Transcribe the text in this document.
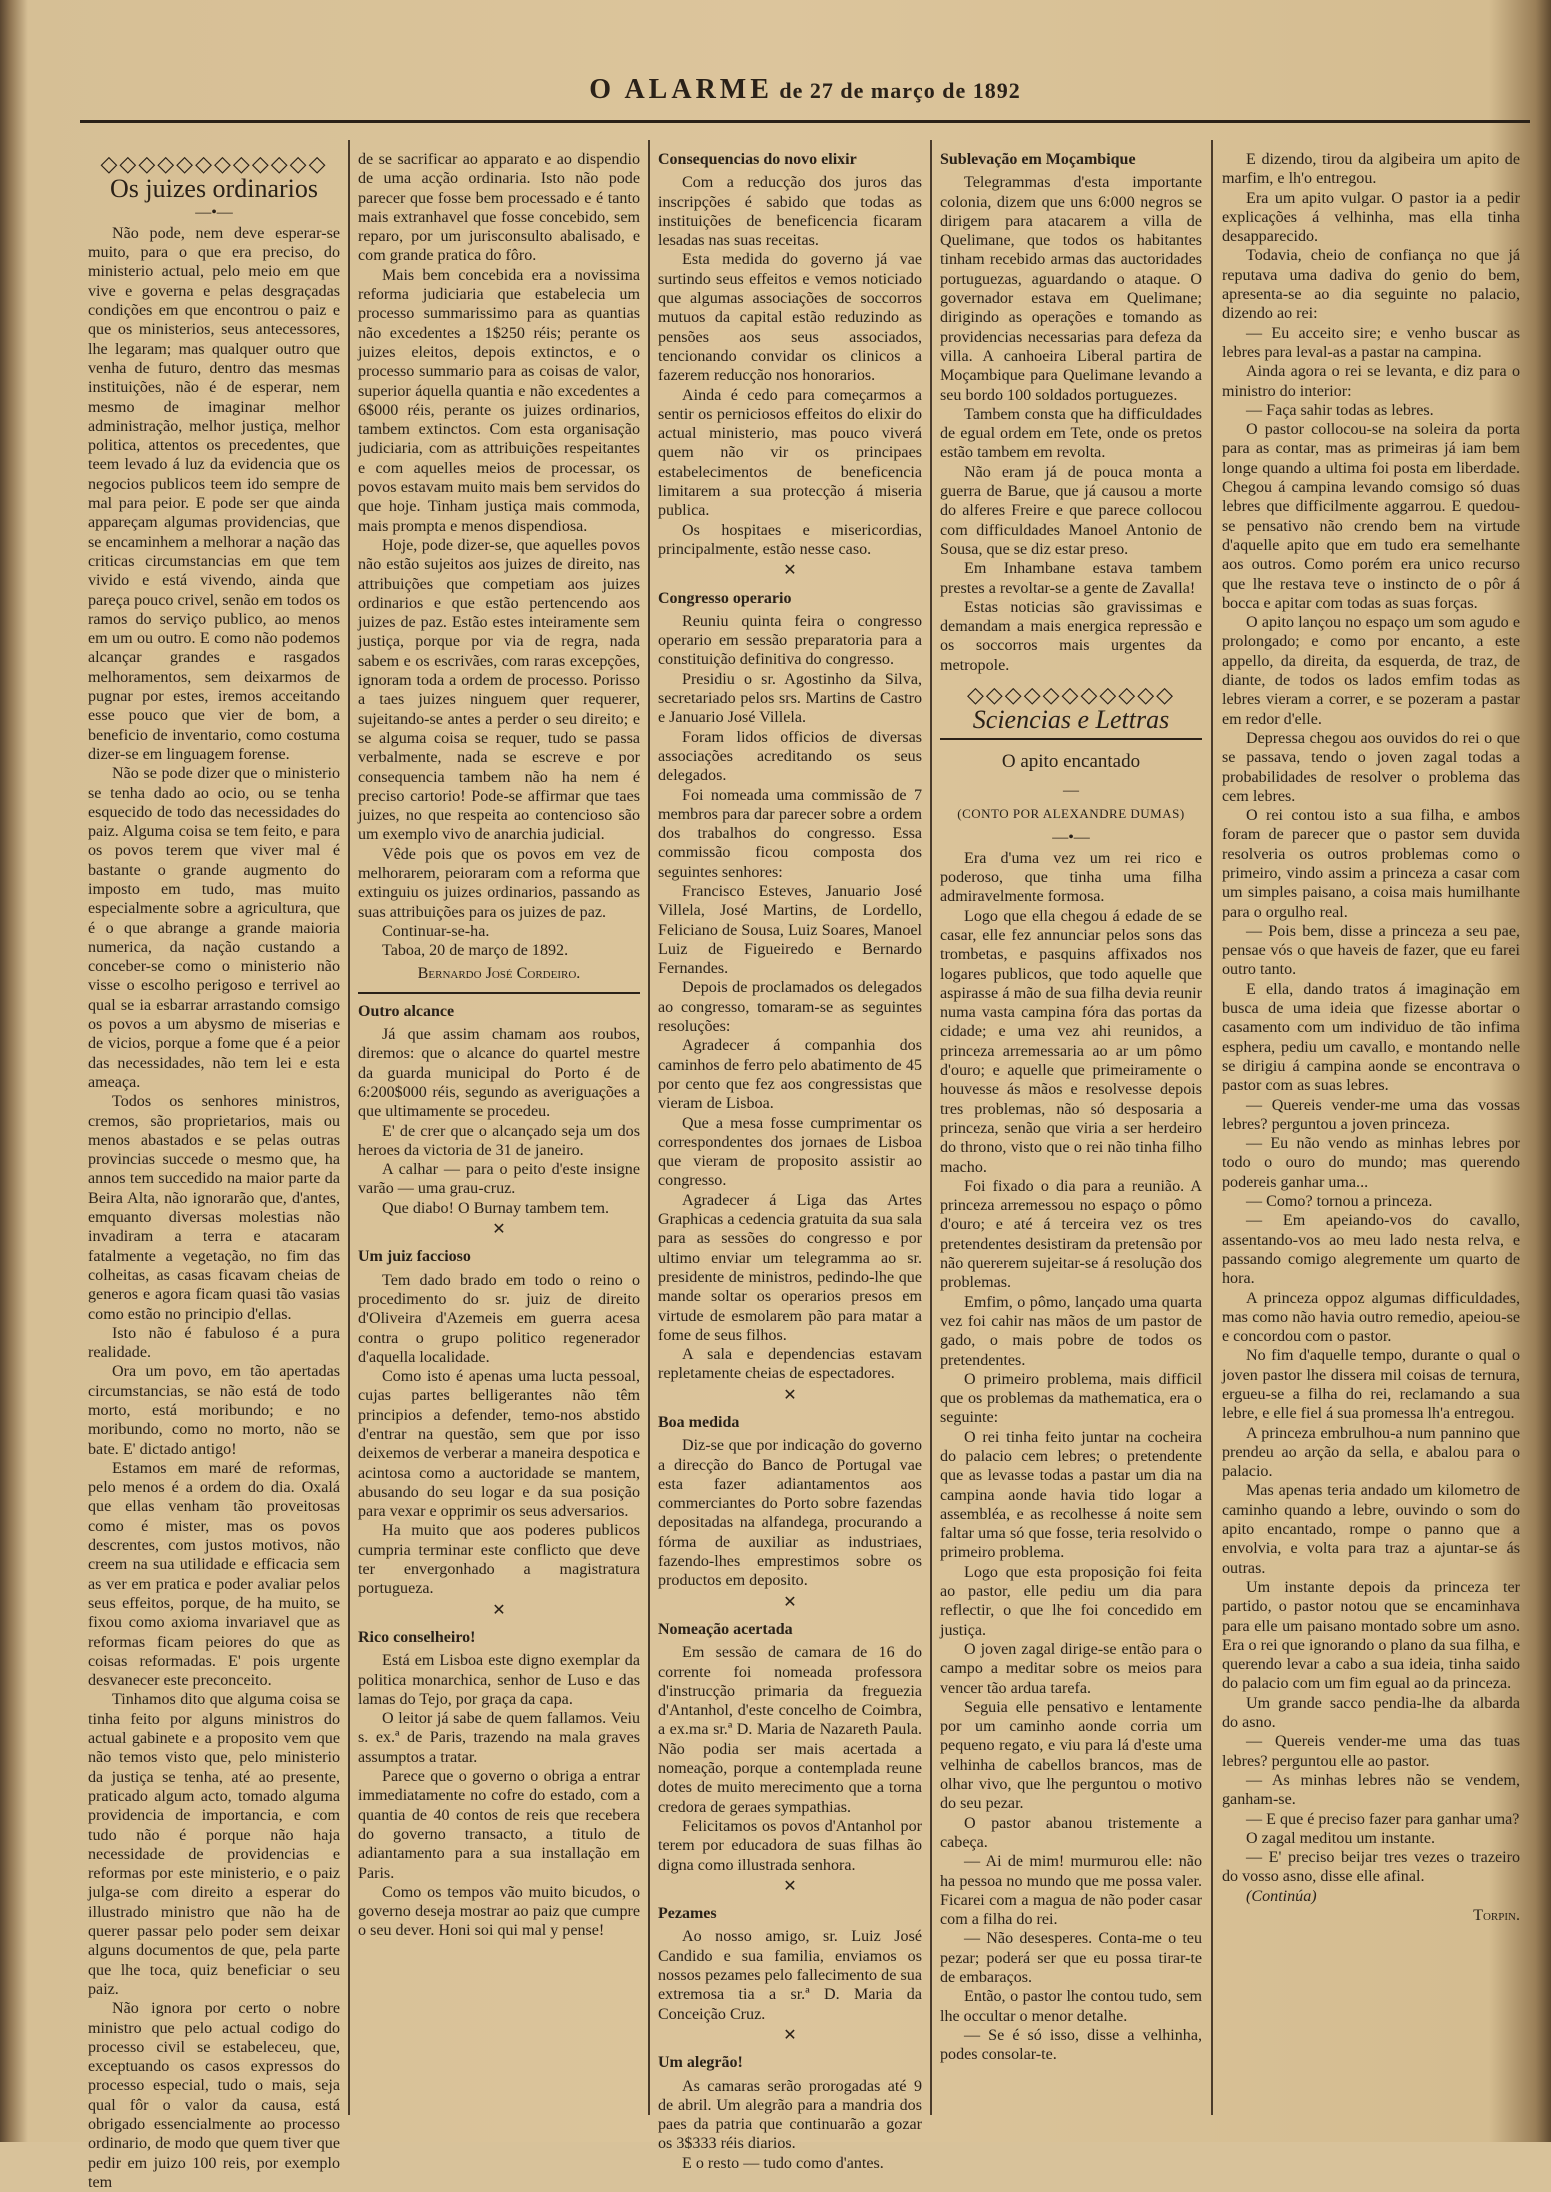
O ALARME de 27 de março de 1892
◇◇◇◇◇◇◇◇◇◇◇◇
Os juizes ordinarios
—•—

Não pode, nem deve esperar-se muito, para o que era preciso, do ministerio actual, pelo meio em que vive e governa e pelas desgraçadas condições em que encontrou o paiz e que os ministerios, seus antecessores, lhe legaram; mas qualquer outro que venha de futuro, dentro das mesmas instituições, não é de esperar, nem mesmo de imaginar melhor administração, melhor justiça, melhor politica, attentos os precedentes, que teem levado á luz da evidencia que os negocios publicos teem ido sempre de mal para peior. E pode ser que ainda appareçam algumas providencias, que se encaminhem a melhorar a nação das criticas circumstancias em que tem vivido e está vivendo, ainda que pareça pouco crivel, senão em todos os ramos do serviço publico, ao menos em um ou outro. E como não podemos alcançar grandes e rasgados melhoramentos, sem deixarmos de pugnar por estes, iremos acceitando esse pouco que vier de bom, a beneficio de inventario, como costuma dizer-se em linguagem forense.

Não se pode dizer que o ministerio se tenha dado ao ocio, ou se tenha esquecido de todo das necessidades do paiz. Alguma coisa se tem feito, e para os povos terem que viver mal é bastante o grande augmento do imposto em tudo, mas muito especialmente sobre a agricultura, que é o que abrange a grande maioria numerica, da nação custando a conceber-se como o ministerio não visse o escolho perigoso e terrivel ao qual se ia esbarrar arrastando comsigo os povos a um abysmo de miserias e de vicios, porque a fome que é a peior das necessidades, não tem lei e esta ameaça.

Todos os senhores ministros, cremos, são proprietarios, mais ou menos abastados e se pelas outras provincias succede o mesmo que, ha annos tem succedido na maior parte da Beira Alta, não ignorarão que, d'antes, emquanto diversas molestias não invadiram a terra e atacaram fatalmente a vegetação, no fim das colheitas, as casas ficavam cheias de generos e agora ficam quasi tão vasias como estão no principio d'ellas.

Isto não é fabuloso é a pura realidade.

Ora um povo, em tão apertadas circumstancias, se não está de todo morto, está moribundo; e no moribundo, como no morto, não se bate. E' dictado antigo!

Estamos em maré de reformas, pelo menos é a ordem do dia. Oxalá que ellas venham tão proveitosas como é mister, mas os povos descrentes, com justos motivos, não creem na sua utilidade e efficacia sem as ver em pratica e poder avaliar pelos seus effeitos, porque, de ha muito, se fixou como axioma invariavel que as reformas ficam peiores do que as coisas reformadas. E' pois urgente desvanecer este preconceito.

Tinhamos dito que alguma coisa se tinha feito por alguns ministros do actual gabinete e a proposito vem que não temos visto que, pelo ministerio da justiça se tenha, até ao presente, praticado algum acto, tomado alguma providencia de importancia, e com tudo não é porque não haja necessidade de providencias e reformas por este ministerio, e o paiz julga-se com direito a esperar do illustrado ministro que não ha de querer passar pelo poder sem deixar alguns documentos de que, pela parte que lhe toca, quiz beneficiar o seu paiz.

Não ignora por certo o nobre ministro que pelo actual codigo do processo civil se estabeleceu, que, exceptuando os casos expressos do processo especial, tudo o mais, seja qual fôr o valor da causa, está obrigado essencialmente ao processo ordinario, de modo que quem tiver que pedir em juizo 100 reis, por exemplo tem

de se sacrificar ao apparato e ao dispendio de uma acção ordinaria. Isto não pode parecer que fosse bem processado e é tanto mais extranhavel que fosse concebido, sem reparo, por um jurisconsulto abalisado, e com grande pratica do fôro.

Mais bem concebida era a novissima reforma judiciaria que estabelecia um processo summarissimo para as quantias não excedentes a 1$250 réis; perante os juizes eleitos, depois extinctos, e o processo summario para as coisas de valor, superior áquella quantia e não excedentes a 6$000 réis, perante os juizes ordinarios, tambem extinctos. Com esta organisação judiciaria, com as attribuições respeitantes e com aquelles meios de processar, os povos estavam muito mais bem servidos do que hoje. Tinham justiça mais commoda, mais prompta e menos dispendiosa.

Hoje, pode dizer-se, que aquelles povos não estão sujeitos aos juizes de direito, nas attribuições que competiam aos juizes ordinarios e que estão pertencendo aos juizes de paz. Estão estes inteiramente sem justiça, porque por via de regra, nada sabem e os escrivães, com raras excepções, ignoram toda a ordem de processo. Porisso a taes juizes ninguem quer requerer, sujeitando-se antes a perder o seu direito; e se alguma coisa se requer, tudo se passa verbalmente, nada se escreve e por consequencia tambem não ha nem é preciso cartorio! Pode-se affirmar que taes juizes, no que respeita ao contencioso são um exemplo vivo de anarchia judicial.

Vêde pois que os povos em vez de melhorarem, peioraram com a reforma que extinguiu os juizes ordinarios, passando as suas attribuições para os juizes de paz.

Continuar-se-ha.

Taboa, 20 de março de 1892.

Bernardo José Cordeiro.
Outro alcance

Já que assim chamam aos roubos, diremos: que o alcance do quartel mestre da guarda municipal do Porto é de 6:200$000 réis, segundo as averiguações a que ultimamente se procedeu.

E' de crer que o alcançado seja um dos heroes da victoria de 31 de janeiro.

A calhar — para o peito d'este insigne varão — uma grau-cruz.

Que diabo! O Burnay tambem tem.

✕
Um juiz faccioso

Tem dado brado em todo o reino o procedimento do sr. juiz de direito d'Oliveira d'Azemeis em guerra acesa contra o grupo politico regenerador d'aquella localidade.

Como isto é apenas uma lucta pessoal, cujas partes belligerantes não têm principios a defender, temo-nos abstido d'entrar na questão, sem que por isso deixemos de verberar a maneira despotica e acintosa como a auctoridade se mantem, abusando do seu logar e da sua posição para vexar e opprimir os seus adversarios.

Ha muito que aos poderes publicos cumpria terminar este conflicto que deve ter envergonhado a magistratura portugueza.

✕
Rico conselheiro!

Está em Lisboa este digno exemplar da politica monarchica, senhor de Luso e das lamas do Tejo, por graça da capa.

O leitor já sabe de quem fallamos. Veiu s. ex.ª de Paris, trazendo na mala graves assumptos a tratar.

Parece que o governo o obriga a entrar immediatamente no cofre do estado, com a quantia de 40 contos de reis que recebera do governo transacto, a titulo de adiantamento para a sua installação em Paris.

Como os tempos vão muito bicudos, o governo deseja mostrar ao paiz que cumpre o seu dever. Honi soi qui mal y pense!

Consequencias do novo elixir

Com a reducção dos juros das inscripções é sabido que todas as instituições de beneficencia ficaram lesadas nas suas receitas.

Esta medida do governo já vae surtindo seus effeitos e vemos noticiado que algumas associações de soccorros mutuos da capital estão reduzindo as pensões aos seus associados, tencionando convidar os clinicos a fazerem reducção nos honorarios.

Ainda é cedo para começarmos a sentir os perniciosos effeitos do elixir do actual ministerio, mas pouco viverá quem não vir os principaes estabelecimentos de beneficencia limitarem a sua protecção á miseria publica.

Os hospitaes e misericordias, principalmente, estão nesse caso.

✕
Congresso operario

Reuniu quinta feira o congresso operario em sessão preparatoria para a constituição definitiva do congresso.

Presidiu o sr. Agostinho da Silva, secretariado pelos srs. Martins de Castro e Januario José Villela.

Foram lidos officios de diversas associações acreditando os seus delegados.

Foi nomeada uma commissão de 7 membros para dar parecer sobre a ordem dos trabalhos do congresso. Essa commissão ficou composta dos seguintes senhores:

Francisco Esteves, Januario José Villela, José Martins, de Lordello, Feliciano de Sousa, Luiz Soares, Manoel Luiz de Figueiredo e Bernardo Fernandes.

Depois de proclamados os delegados ao congresso, tomaram-se as seguintes resoluções:

Agradecer á companhia dos caminhos de ferro pelo abatimento de 45 por cento que fez aos congressistas que vieram de Lisboa.

Que a mesa fosse cumprimentar os correspondentes dos jornaes de Lisboa que vieram de proposito assistir ao congresso.

Agradecer á Liga das Artes Graphicas a cedencia gratuita da sua sala para as sessões do congresso e por ultimo enviar um telegramma ao sr. presidente de ministros, pedindo-lhe que mande soltar os operarios presos em virtude de esmolarem pão para matar a fome de seus filhos.

A sala e dependencias estavam repletamente cheias de espectadores.

✕
Boa medida

Diz-se que por indicação do governo a direcção do Banco de Portugal vae esta fazer adiantamentos aos commerciantes do Porto sobre fazendas depositadas na alfandega, procurando a fórma de auxiliar as industriaes, fazendo-lhes emprestimos sobre os productos em deposito.

✕
Nomeação acertada

Em sessão de camara de 16 do corrente foi nomeada professora d'instrucção primaria da freguezia d'Antanhol, d'este concelho de Coimbra, a ex.ma sr.ª D. Maria de Nazareth Paula. Não podia ser mais acertada a nomeação, porque a contemplada reune dotes de muito merecimento que a torna credora de geraes sympathias.

Felicitamos os povos d'Antanhol por terem por educadora de suas filhas ão digna como illustrada senhora.

✕
Pezames

Ao nosso amigo, sr. Luiz José Candido e sua familia, enviamos os nossos pezames pelo fallecimento de sua extremosa tia a sr.ª D. Maria da Conceição Cruz.

✕
Um alegrão!

As camaras serão prorogadas até 9 de abril. Um alegrão para a mandria dos paes da patria que continuarão a gozar os 3$333 réis diarios.

E o resto — tudo como d'antes.

Sublevação em Moçambique

Telegrammas d'esta importante colonia, dizem que uns 6:000 negros se dirigem para atacarem a villa de Quelimane, que todos os habitantes tinham recebido armas das auctoridades portuguezas, aguardando o ataque. O governador estava em Quelimane; dirigindo as operações e tomando as providencias necessarias para defeza da villa. A canhoeira Liberal partira de Moçambique para Quelimane levando a seu bordo 100 soldados portuguezes.

Tambem consta que ha difficuldades de egual ordem em Tete, onde os pretos estão tambem em revolta.

Não eram já de pouca monta a guerra de Barue, que já causou a morte do alferes Freire e que parece collocou com difficuldades Manoel Antonio de Sousa, que se diz estar preso.

Em Inhambane estava tambem prestes a revoltar-se a gente de Zavalla!

Estas noticias são gravissimas e demandam a mais energica repressão e os soccorros mais urgentes da metropole.

◇◇◇◇◇◇◇◇◇◇◇
Sciencias e Lettras
O apito encantado
—
(CONTO POR ALEXANDRE DUMAS)
—•—

Era d'uma vez um rei rico e poderoso, que tinha uma filha admiravelmente formosa.

Logo que ella chegou á edade de se casar, elle fez annunciar pelos sons das trombetas, e pasquins affixados nos logares publicos, que todo aquelle que aspirasse á mão de sua filha devia reunir numa vasta campina fóra das portas da cidade; e uma vez ahi reunidos, a princeza arremessaria ao ar um pômo d'ouro; e aquelle que primeiramente o houvesse ás mãos e resolvesse depois tres problemas, não só desposaria a princeza, senão que viria a ser herdeiro do throno, visto que o rei não tinha filho macho.

Foi fixado o dia para a reunião. A princeza arremessou no espaço o pômo d'ouro; e até á terceira vez os tres pretendentes desistiram da pretensão por não quererem sujeitar-se á resolução dos problemas.

Emfim, o pômo, lançado uma quarta vez foi cahir nas mãos de um pastor de gado, o mais pobre de todos os pretendentes.

O primeiro problema, mais difficil que os problemas da mathematica, era o seguinte:

O rei tinha feito juntar na cocheira do palacio cem lebres; o pretendente que as levasse todas a pastar um dia na campina aonde havia tido logar a assembléa, e as recolhesse á noite sem faltar uma só que fosse, teria resolvido o primeiro problema.

Logo que esta proposição foi feita ao pastor, elle pediu um dia para reflectir, o que lhe foi concedido em justiça.

O joven zagal dirige-se então para o campo a meditar sobre os meios para vencer tão ardua tarefa.

Seguia elle pensativo e lentamente por um caminho aonde corria um pequeno regato, e viu para lá d'este uma velhinha de cabellos brancos, mas de olhar vivo, que lhe perguntou o motivo do seu pezar.

O pastor abanou tristemente a cabeça.

— Ai de mim! murmurou elle: não ha pessoa no mundo que me possa valer. Ficarei com a magua de não poder casar com a filha do rei.

— Não desesperes. Conta-me o teu pezar; poderá ser que eu possa tirar-te de embaraços.

Então, o pastor lhe contou tudo, sem lhe occultar o menor detalhe.

— Se é só isso, disse a velhinha, podes consolar-te.

E dizendo, tirou da algibeira um apito de marfim, e lh'o entregou.

Era um apito vulgar. O pastor ia a pedir explicações á velhinha, mas ella tinha desapparecido.

Todavia, cheio de confiança no que já reputava uma dadiva do genio do bem, apresenta-se ao dia seguinte no palacio, dizendo ao rei:

— Eu acceito sire; e venho buscar as lebres para leval-as a pastar na campina.

Ainda agora o rei se levanta, e diz para o ministro do interior:

— Faça sahir todas as lebres.

O pastor collocou-se na soleira da porta para as contar, mas as primeiras já iam bem longe quando a ultima foi posta em liberdade. Chegou á campina levando comsigo só duas lebres que difficilmente aggarrou. E quedou-se pensativo não crendo bem na virtude d'aquelle apito que em tudo era semelhante aos outros. Como porém era unico recurso que lhe restava teve o instincto de o pôr á bocca e apitar com todas as suas forças.

O apito lançou no espaço um som agudo e prolongado; e como por encanto, a este appello, da direita, da esquerda, de traz, de diante, de todos os lados emfim todas as lebres vieram a correr, e se pozeram a pastar em redor d'elle.

Depressa chegou aos ouvidos do rei o que se passava, tendo o joven zagal todas a probabilidades de resolver o problema das cem lebres.

O rei contou isto a sua filha, e ambos foram de parecer que o pastor sem duvida resolveria os outros problemas como o primeiro, vindo assim a princeza a casar com um simples paisano, a coisa mais humilhante para o orgulho real.

— Pois bem, disse a princeza a seu pae, pensae vós o que haveis de fazer, que eu farei outro tanto.

E ella, dando tratos á imaginação em busca de uma ideia que fizesse abortar o casamento com um individuo de tão infima esphera, pediu um cavallo, e montando nelle se dirigiu á campina aonde se encontrava o pastor com as suas lebres.

— Quereis vender-me uma das vossas lebres? perguntou a joven princeza.

— Eu não vendo as minhas lebres por todo o ouro do mundo; mas querendo podereis ganhar uma...

— Como? tornou a princeza.

— Em apeiando-vos do cavallo, assentando-vos ao meu lado nesta relva, e passando comigo alegremente um quarto de hora.

A princeza oppoz algumas difficuldades, mas como não havia outro remedio, apeiou-se e concordou com o pastor.

No fim d'aquelle tempo, durante o qual o joven pastor lhe dissera mil coisas de ternura, ergueu-se a filha do rei, reclamando a sua lebre, e elle fiel á sua promessa lh'a entregou.

A princeza embrulhou-a num pannino que prendeu ao arção da sella, e abalou para o palacio.

Mas apenas teria andado um kilometro de caminho quando a lebre, ouvindo o som do apito encantado, rompe o panno que a envolvia, e volta para traz a ajuntar-se ás outras.

Um instante depois da princeza ter partido, o pastor notou que se encaminhava para elle um paisano montado sobre um asno. Era o rei que ignorando o plano da sua filha, e querendo levar a cabo a sua ideia, tinha saido do palacio com um fim egual ao da princeza.

Um grande sacco pendia-lhe da albarda do asno.

— Quereis vender-me uma das tuas lebres? perguntou elle ao pastor.

— As minhas lebres não se vendem, ganham-se.

— E que é preciso fazer para ganhar uma?

O zagal meditou um instante.

— E' preciso beijar tres vezes o trazeiro do vosso asno, disse elle afinal.

(Continúa)

Torpin.
